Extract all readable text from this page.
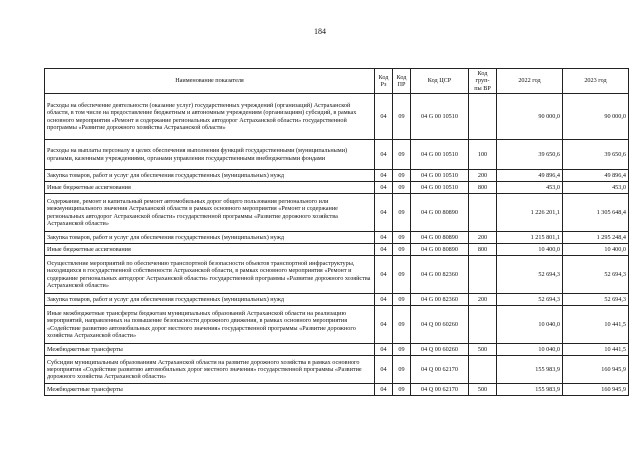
184
Наименование показателя	Код Рз	Код ПР	Код ЦСР	Код груп- пы ВР	2022 год	2023 год
Расходы на обеспечение деятельности (оказание услуг) государственных учреждений (организаций) Астраханской области, в том числе на предоставление бюджетным и автономным учреждениям (организациям) субсидий, в рамках основного мероприятия «Ремонт и содержание региональных автодорог Астраханской области» государственной программы «Развитие дорожного хозяйства Астраханской области»	04	09	04 G 00 10510		90 000,0	90 000,0
Расходы на выплаты персоналу в целях обеспечения выполнения функций государственными (муниципальными) органами, казенными учреждениями, органами управления государственными внебюджетными фондами	04	09	04 G 00 10510	100	39 650,6	39 650,6
Закупка товаров, работ и услуг для обеспечения государственных (муниципальных) нужд	04	09	04 G 00 10510	200	49 896,4	49 896,4
Иные бюджетные ассигнования	04	09	04 G 00 10510	800	453,0	453,0
Содержание, ремонт и капитальный ремонт автомобильных дорог общего пользования регионального или межмуниципального значения Астраханской области в рамках основного мероприятия «Ремонт и содержание региональных автодорог Астраханской области» государственной программы «Развитие дорожного хозяйства Астраханской области»	04	09	04 G 00 80890		1 226 201,1	1 305 648,4
Закупка товаров, работ и услуг для обеспечения государственных (муниципальных) нужд	04	09	04 G 00 80890	200	1 215 801,1	1 295 248,4
Иные бюджетные ассигнования	04	09	04 G 00 80890	800	10 400,0	10 400,0
Осуществление мероприятий по обеспечению транспортной безопасности объектов транспортной инфраструктуры, находящихся в государственной собственности Астраханской области, в рамках основного мероприятия «Ремонт и содержание региональных автодорог Астраханской области» государственной программы «Развитие дорожного хозяйства Астраханской области»	04	09	04 G 00 82360		52 694,3	52 694,3
Закупка товаров, работ и услуг для обеспечения государственных (муниципальных) нужд	04	09	04 G 00 82360	200	52 694,3	52 694,3
Иные межбюджетные трансферты бюджетам муниципальных образований Астраханской области на реализацию мероприятий, направленных на повышение безопасности дорожного движения, в рамках основного мероприятия «Содействие развитию автомобильных дорог местного значения» государственной программы «Развитие дорожного хозяйства Астраханской области»	04	09	04 Q 00 60260		10 040,0	10 441,5
Межбюджетные трансферты	04	09	04 Q 00 60260	500	10 040,0	10 441,5
Субсидии муниципальным образованиям Астраханской области на развитие дорожного хозяйства в рамках основного мероприятия «Содействие развитию автомобильных дорог местного значения» государственной программы «Развитие дорожного хозяйства Астраханской области»	04	09	04 Q 00 62170		155 983,9	160 945,9
Межбюджетные трансферты	04	09	04 Q 00 62170	500	155 983,9	160 945,9
